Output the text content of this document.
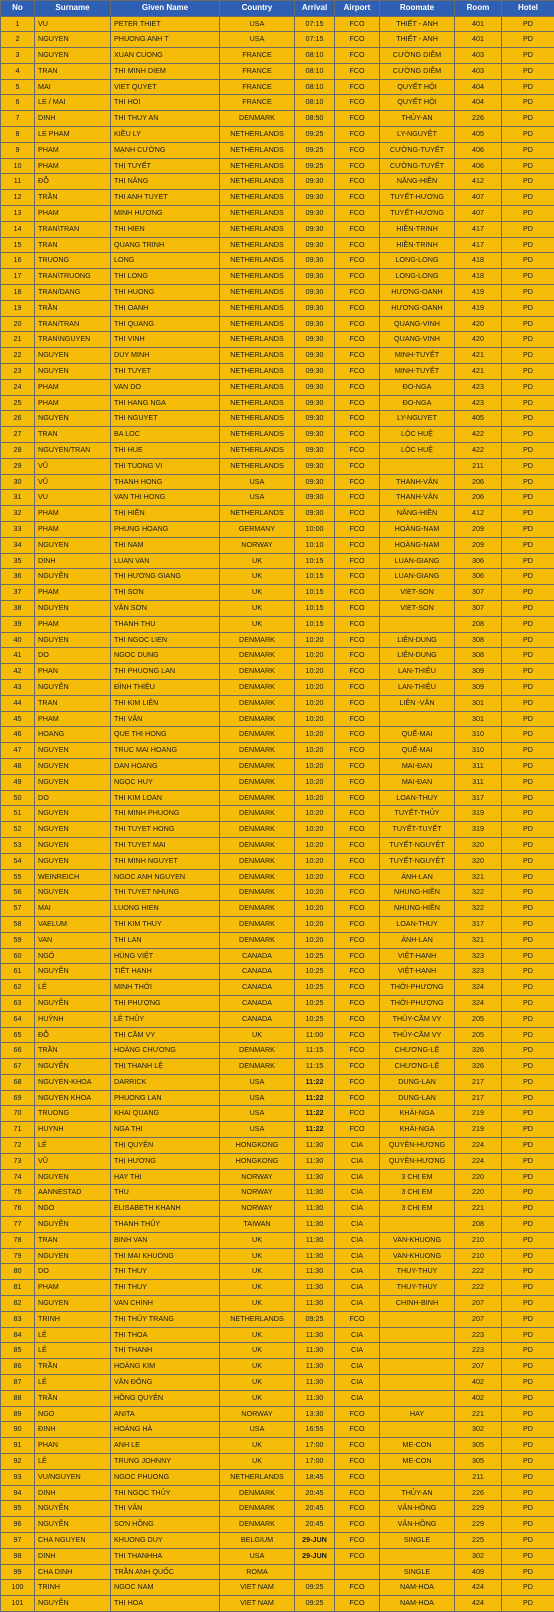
No	Surname	Given Name	Country	Arrival	Airport	Roomate	Room	Hotel
1	VU	PETER THIET	USA	07:15	FCO	THIẾT - ANH	401	PD
2	NGUYEN	PHUONG ANH T	USA	07:15	FCO	THIẾT - ANH	401	PD
3	NGUYEN	XUAN CUONG	FRANCE	08:10	FCO	CƯỜNG DIỄM	403	PD
4	TRAN	THI MINH DIEM	FRANCE	08:10	FCO	CƯỜNG DIỄM	403	PD
5	MAI	VIET QUYET	FRANCE	08:10	FCO	QUYẾT HỘI	404	PD
6	LE / MAI	THI HOI	FRANCE	08:10	FCO	QUYẾT HỘI	404	PD
7	DINH	THI THUY AN	DENMARK	08:50	FCO	THỦY-AN	226	PD
8	LE PHAM	KIỀU LY	NETHERLANDS	09:25	FCO	LY-NGUYỆT	405	PD
9	PHAM	MẠNH CƯỜNG	NETHERLANDS	09:25	FCO	CƯỜNG-TUYẾT	406	PD
10	PHAM	THỊ TUYẾT	NETHERLANDS	09:25	FCO	CƯỜNG-TUYẾT	406	PD
11	ĐỖ	THỊ NĂNG	NETHERLANDS	09:30	FCO	NĂNG-HIỀN	412	PD
12	TRẦN	THI ANH TUYET	NETHERLANDS	09:30	FCO	TUYẾT-HƯƠNG	407	PD
13	PHAM	MINH HƯƠNG	NETHERLANDS	09:30	FCO	TUYẾT-HƯƠNG	407	PD
14	TRAN\TRAN	THI HIEN	NETHERLANDS	09:30	FCO	HIỀN-TRINH	417	PD
15	TRAN	QUANG TRINH	NETHERLANDS	09:30	FCO	HIỀN-TRINH	417	PD
16	TRUONG	LONG	NETHERLANDS	09:30	FCO	LONG-LONG	418	PD
17	TRAN\TRUONG	THI LONG	NETHERLANDS	09:30	FCO	LONG-LONG	418	PD
18	TRAN/DANG	THI HUONG	NETHERLANDS	09:30	FCO	HƯƠNG-OANH	419	PD
19	TRẦN	THỊ OANH	NETHERLANDS	09:30	FCO	HƯƠNG-OANH	419	PD
20	TRAN/TRAN	THI QUANG	NETHERLANDS	09:30	FCO	QUANG-VINH	420	PD
21	TRAN\NGUYEN	THI VINH	NETHERLANDS	09:30	FCO	QUANG-VINH	420	PD
22	NGUYEN	DUY MINH	NETHERLANDS	09:30	FCO	MINH-TUYẾT	421	PD
23	NGUYEN	THI TUYET	NETHERLANDS	09:30	FCO	MINH-TUYẾT	421	PD
24	PHAM	VAN DO	NETHERLANDS	09:30	FCO	ĐO-NGA	423	PD
25	PHAM	THI HANG NGA	NETHERLANDS	09:30	FCO	ĐO-NGA	423	PD
26	NGUYEN	THI NGUYET	NETHERLANDS	09:30	FCO	LY-NGUYET	405	PD
27	TRAN	BA LOC	NETHERLANDS	09:30	FCO	LỘC HUỆ	422	PD
28	NGUYEN/TRAN	THI HUE	NETHERLANDS	09:30	FCO	LỘC HUỆ	422	PD
29	VŨ	THI TUONG VI	NETHERLANDS	09:30	FCO		211	PD
30	VŨ	THANH HONG	USA	09:30	FCO	THANH-VÂN	206	PD
31	VU	VAN THI HONG	USA	09:30	FCO	THANH-VÂN	206	PD
32	PHAM	THỊ HIỀN	NETHERLANDS	09:30	FCO	NĂNG-HIỀN	412	PD
33	PHAM	PHUNG HOANG	GERMANY	10:00	FCO	HOÀNG-NAM	209	PD
34	NGUYEN	THI NAM	NORWAY	10:10	FCO	HOÀNG-NAM	209	PD
35	DINH	LUAN VAN	UK	10:15	FCO	LUAN-GIANG	306	PD
36	NGUYỄN	THỊ HƯƠNG GIANG	UK	10:15	FCO	LUAN-GIANG	306	PD
37	PHAM	THỊ SƠN	UK	10:15	FCO	VIET-SON	307	PD
38	NGUYEN	VĂN SƠN	UK	10:15	FCO	VIET-SON	307	PD
39	PHAM	THANH THU	UK	10:15	FCO		208	PD
40	NGUYEN	THI NGOC LIEN	DENMARK	10:20	FCO	LIÊN-DUNG	308	PD
41	DO	NGOC DUNG	DENMARK	10:20	FCO	LIÊN-DUNG	308	PD
42	PHAN	THI PHUONG LAN	DENMARK	10:20	FCO	LAN-THIÊU	309	PD
43	NGUYỄN	ĐÌNH THIỆU	DENMARK	10:20	FCO	LAN-THIỆU	309	PD
44	TRAN	THI KIM LIÊN	DENMARK	10:20	FCO	LIÊN -VÂN	301	PD
45	PHAM	THỊ VÂN	DENMARK	10:20	FCO		301	PD
46	HOANG	QUE THI HONG	DENMARK	10:20	FCO	QUẾ-MAI	310	PD
47	NGUYEN	TRUC MAI HOANG	DENMARK	10:20	FCO	QUẾ-MAI	310	PD
48	NGUYEN	DAN HOANG	DENMARK	10:20	FCO	MAI-ĐAN	311	PD
49	NGUYEN	NGỌC HUY	DENMARK	10:20	FCO	MAI-ĐAN	311	PD
50	DO	THI KIM LOAN	DENMARK	10:20	FCO	LOAN-THUY	317	PD
51	NGUYEN	THỊ MINH PHUONG	DENMARK	10:20	FCO	TUYẾT-THỦY	319	PD
52	NGUYEN	THI TUYET HONG	DENMARK	10:20	FCO	TUYẾT-TUYẾT	319	PD
53	NGUYEN	THI TUYET MAI	DENMARK	10:20	FCO	TUYẾT-NGUYỆT	320	PD
54	NGUYEN	THI MINH NGUYET	DENMARK	10:20	FCO	TUYẾT-NGUYỆT	320	PD
55	WEINREICH	NGOC ANH NGUYEN	DENMARK	10:20	FCO	ÁNH-LAN	321	PD
56	NGUYEN	THI TUYET NHUNG	DENMARK	10:20	FCO	NHUNG-HIỀN	322	PD
57	MAI	LUONG HIEN	DENMARK	10:20	FCO	NHUNG-HIỀN	322	PD
58	VAELUM	THI KIM THUY	DENMARK	10:20	FCO	LOAN-THUY	317	PD
59	VAN	THI LAN	DENMARK	10:20	FCO	ÁNH-LAN	321	PD
60	NGÔ	HÙNG VIỆT	CANADA	10:25	FCO	VIỆT-HẠNH	323	PD
61	NGUYỄN	TIẾT HẠNH	CANADA	10:25	FCO	VIỆT-HẠNH	323	PD
62	LÊ	MINH THỜI	CANADA	10:25	FCO	THỜI-PHƯƠNG	324	PD
63	NGUYỄN	THỊ PHƯỢNG	CANADA	10:25	FCO	THỜI-PHƯỢNG	324	PD
64	HUỲNH	LÊ THỦY	CANADA	10:25	FCO	THỦY-CẦM VY	205	PD
65	ĐỖ	THỊ CẦM VY	UK	11:00	FCO	THỦY-CẦM VY	205	PD
66	TRẦN	HOÀNG CHƯƠNG	DENMARK	11:15	FCO	CHƯƠNG-LỆ	326	PD
67	NGUYỄN	THỊ THANH LỆ	DENMARK	11:15	FCO	CHƯƠNG-LỆ	326	PD
68	NGUYEN-KHOA	DARRICK	USA	11:22	FCO	DUNG-LAN	217	PD
69	NGUYEN KHOA	PHUONG LAN	USA	11:22	FCO	DUNG-LAN	217	PD
70	TRUONG	KHAI QUANG	USA	11:22	FCO	KHẢI-NGA	219	PD
71	HUYNH	NGA THI	USA	11:22	FCO	KHẢI-NGA	219	PD
72	LÊ	THỊ QUYÊN	HONGKONG	11:30	CIA	QUYÊN-HƯƠNG	224	PD
73	VŨ	THỊ HƯƠNG	HONGKONG	11:30	CIA	QUYÊN-HƯƠNG	224	PD
74	NGUYEN	HAY THI	NORWAY	11:30	CIA	3 CHỊ EM	220	PD
75	AANNESTAD	THU	NORWAY	11:30	CIA	3 CHỊ EM	220	PD
76	NGO	ELISABETH KHANH	NORWAY	11:30	CIA	3 CHỊ EM	221	PD
77	NGUYỄN	THANH THỦY	TAIWAN	11:30	CIA		208	PD
78	TRAN	BINH VAN	UK	11:30	CIA	VAN-KHUONG	210	PD
79	NGUYEN	THI MAI KHUONG	UK	11:30	CIA	VAN-KHUONG	210	PD
80	DO	THI THUY	UK	11:30	CIA	THUY-THUY	222	PD
81	PHAM	THI THUY	UK	11:30	CIA	THUY-THUY	222	PD
82	NGUYEN	VAN CHINH	UK	11:30	CIA	CHINH-BINH	207	PD
83	TRINH	THỊ THỦY TRANG	NETHERLANDS	09:25	FCO		207	PD
84	LÊ	THI THOA	UK	11:30	CIA		223	PD
85	LÊ	THỊ THANH	UK	11:30	CIA		223	PD
86	TRẦN	HOÀNG KIM	UK	11:30	CIA		207	PD
87	LÊ	VĂN ĐÔNG	UK	11:30	CIA		402	PD
88	TRẦN	HỒNG QUYÊN	UK	11:30	CIA		402	PD
89	NGO	ANITA	NORWAY	13:30	FCO	HAY	221	PD
90	ĐINH	HOÀNG HÀ	USA	16:55	FCO		302	PD
91	PHAN	ANH LE	UK	17:00	FCO	ME-CON	305	PD
92	LÊ	TRUNG JOHNNY	UK	17:00	FCO	ME-CON	305	PD
93	VU/NGUYEN	NGOC PHUONG	NETHERLANDS	18:45	FCO		211	PD
94	DINH	THI NGỌC THỦY	DENMARK	20:45	FCO	THỦY-AN	226	PD
95	NGUYỄN	THỊ VÂN	DENMARK	20:45	FCO	VÂN-HỒNG	229	PD
96	NGUYỄN	SƠN HỒNG	DENMARK	20:45	FCO	VÂN-HỒNG	229	PD
97	CHA NGUYEN	KHUONG DUY	BELGIUM	29-JUN	FCO	SINGLE	225	PD
98	DINH	THI THANHHA	USA	29-JUN	FCO		302	PD
99	CHA DINH	TRẦN ANH QUỐC	ROMA			SINGLE	409	PD
100	TRINH	NGOC NAM	VIET NAM	09:25	FCO	NAM-HOA	424	PD
101	NGUYỄN	THỊ HOA	VIET NAM	09:25	FCO	NAM-HOA	424	PD
